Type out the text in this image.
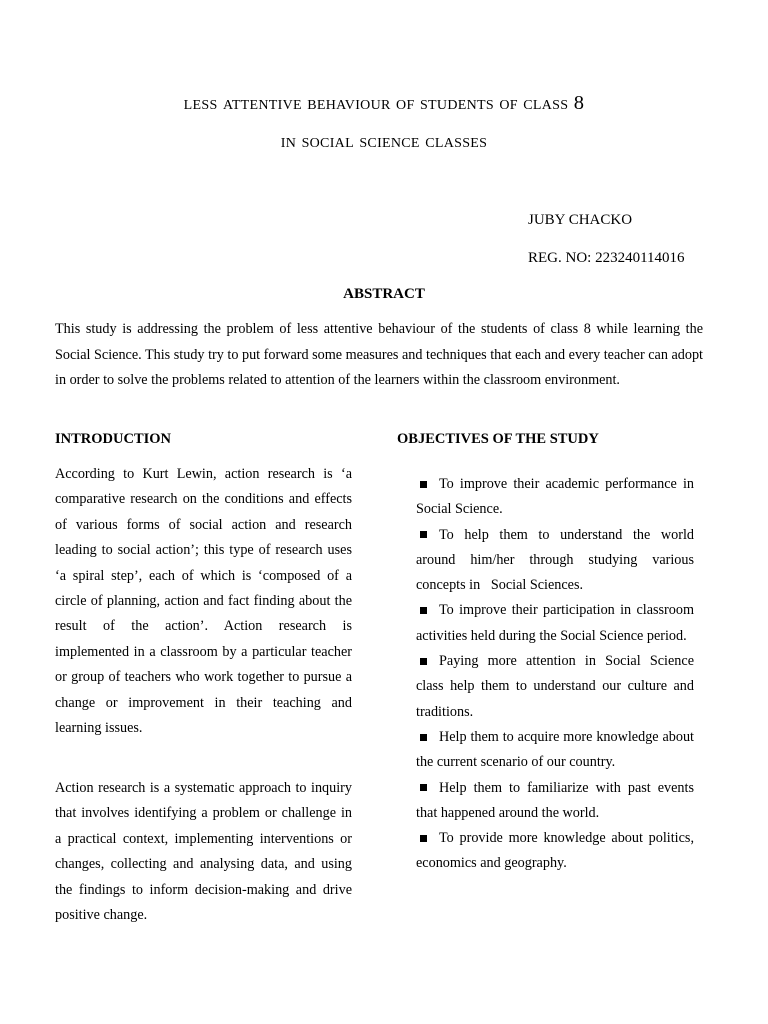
less attentive behaviour of students of class 8
in social science classes
JUBY CHACKO
REG. NO: 223240114016
ABSTRACT
This study is addressing the problem of less attentive behaviour of the students of class 8 while learning the Social Science. This study try to put forward some measures and techniques that each and every teacher can adopt in order to solve the problems related to attention of the learners within the classroom environment.

INTRODUCTION

According to Kurt Lewin, action research is ‘a comparative research on the conditions and effects of various forms of social action and research leading to social action’; this type of research uses ‘a spiral step’, each of which is ‘composed of a circle of planning, action and fact finding about the result of the action’. Action research is implemented in a classroom by a particular teacher or group of teachers who work together to pursue a change or improvement in their teaching and learning issues.

Action research is a systematic approach to inquiry that involves identifying a problem or challenge in a practical context, implementing interventions or changes, collecting and analysing data, and using the findings to inform decision-making and drive positive change.

OBJECTIVES OF THE STUDY

To improve their academic performance in Social Science.
To help them to understand the world around him/her through studying various concepts in   Social Sciences.
To improve their participation in classroom activities held during the Social Science period.
Paying more attention in Social Science class help them to understand our culture and traditions.
Help them to acquire more knowledge about the current scenario of our country.
Help them to familiarize with past events that happened around the world.
To provide more knowledge about politics, economics and geography.
